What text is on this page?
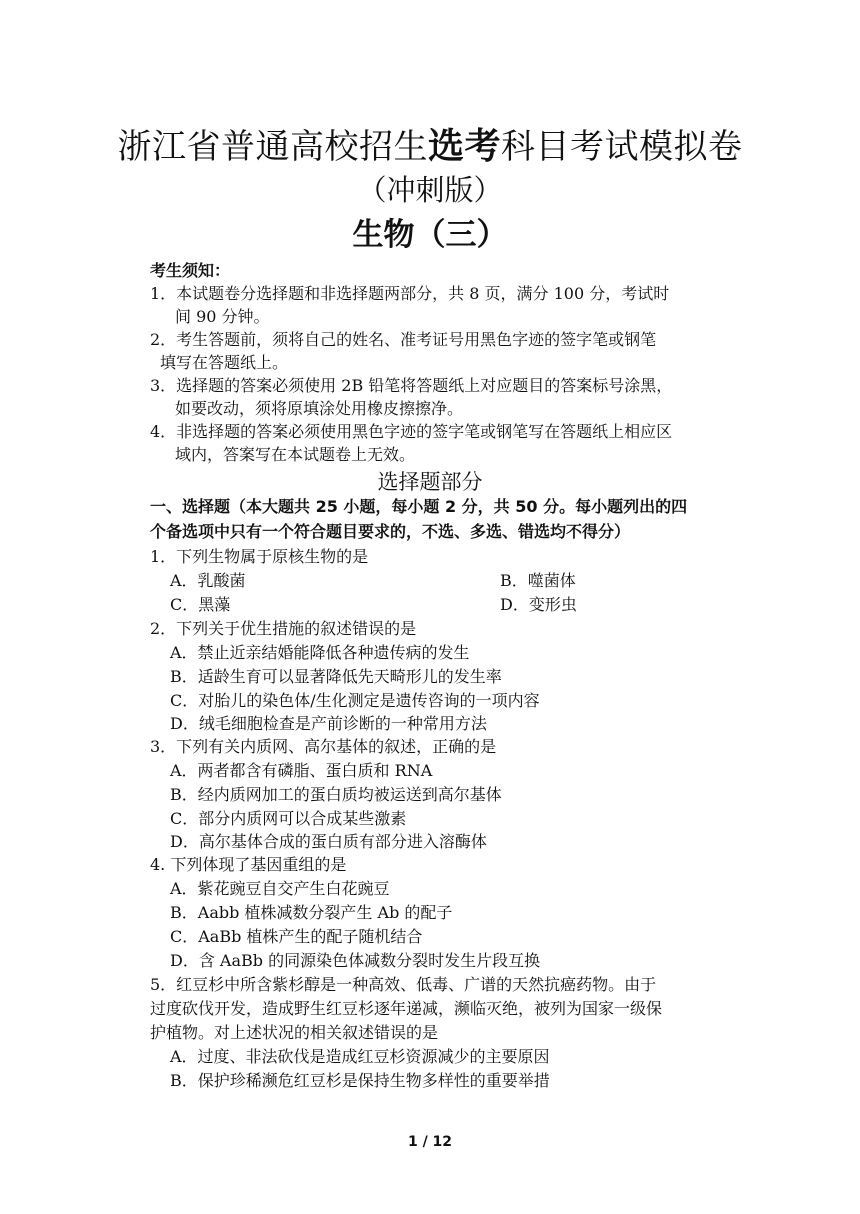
浙江省普通高校招生选考科目考试模拟卷
（冲刺版）
生物（三）
考生须知：
1．本试题卷分选择题和非选择题两部分，共 8 页，满分 100 分，考试时
间 90 分钟。
2．考生答题前，须将自己的姓名、准考证号用黑色字迹的签字笔或钢笔
填写在答题纸上。
3．选择题的答案必须使用 2B 铅笔将答题纸上对应题目的答案标号涂黑，
如要改动，须将原填涂处用橡皮擦擦净。
4．非选择题的答案必须使用黑色字迹的签字笔或钢笔写在答题纸上相应区
域内，答案写在本试题卷上无效。
选择题部分
一、选择题（本大题共 25 小题，每小题 2 分，共 50 分。每小题列出的四
个备选项中只有一个符合题目要求的，不选、多选、错选均不得分）
1．下列生物属于原核生物的是
A．乳酸菌	B．噬菌体
C．黑藻	D．变形虫
2．下列关于优生措施的叙述错误的是
A．禁止近亲结婚能降低各种遗传病的发生
B．适龄生育可以显著降低先天畸形儿的发生率
C．对胎儿的染色体/生化测定是遗传咨询的一项内容
D．绒毛细胞检查是产前诊断的一种常用方法
3．下列有关内质网、高尔基体的叙述，正确的是
A．两者都含有磷脂、蛋白质和 RNA
B．经内质网加工的蛋白质均被运送到高尔基体
C．部分内质网可以合成某些激素
D．高尔基体合成的蛋白质有部分进入溶酶体
4. 下列体现了基因重组的是
A．紫花豌豆自交产生白花豌豆
B．Aabb 植株减数分裂产生 Ab 的配子
C．AaBb 植株产生的配子随机结合
D．含 AaBb 的同源染色体减数分裂时发生片段互换
5．红豆杉中所含紫杉醇是一种高效、低毒、广谱的天然抗癌药物。由于
过度砍伐开发，造成野生红豆杉逐年递减，濒临灭绝，被列为国家一级保
护植物。对上述状况的相关叙述错误的是
A．过度、非法砍伐是造成红豆杉资源减少的主要原因
B．保护珍稀濒危红豆杉是保持生物多样性的重要举措
1 / 12
